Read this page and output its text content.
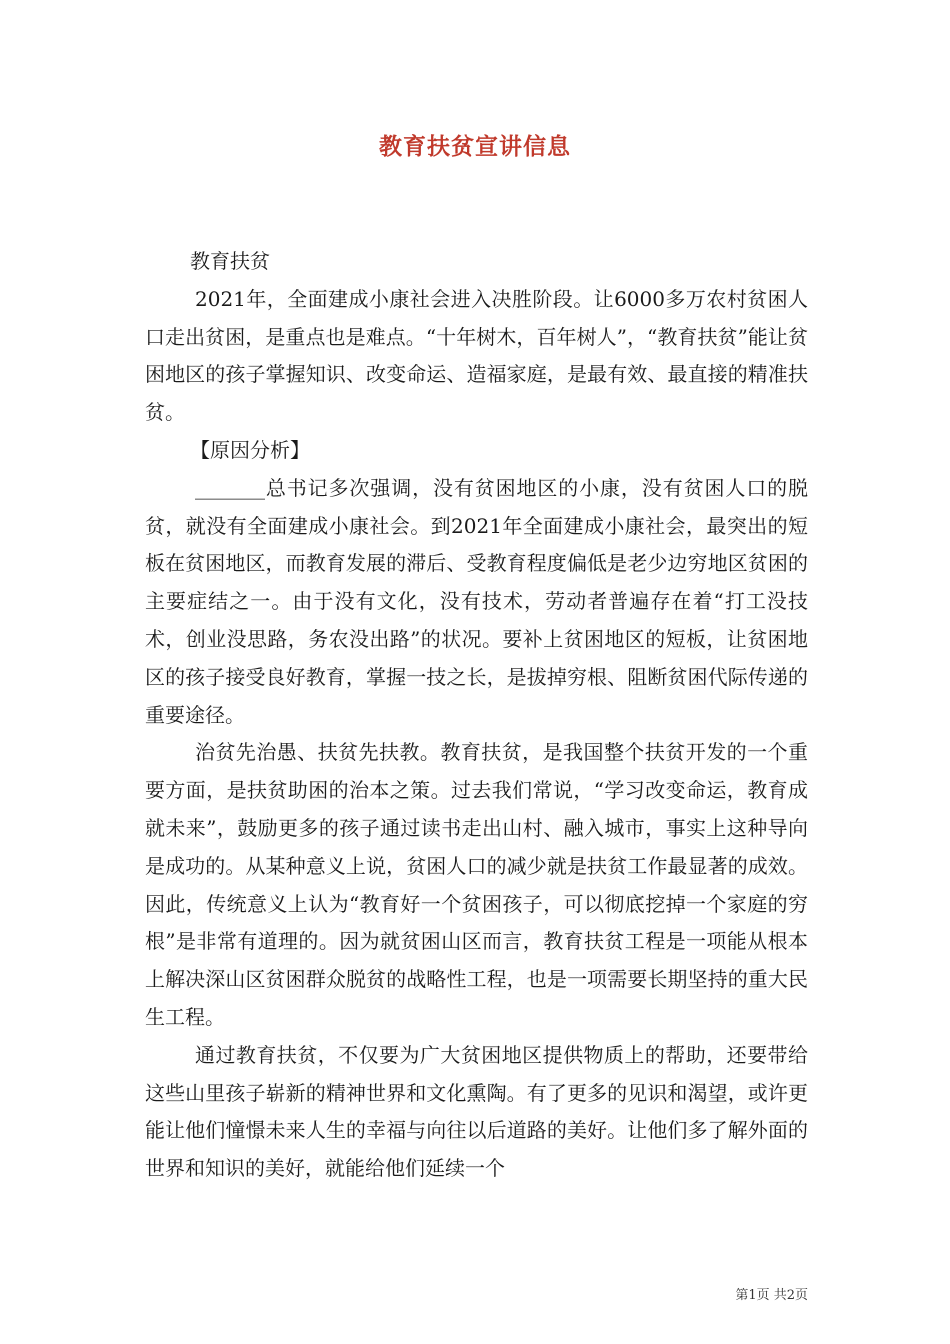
教育扶贫宣讲信息

教育扶贫

2021年，全面建成小康社会进入决胜阶段。让6000多万农村贫困人口走出贫困，是重点也是难点。“十年树木，百年树人”，“教育扶贫”能让贫困地区的孩子掌握知识、改变命运、造福家庭，是最有效、最直接的精准扶贫。

【原因分析】

_______总书记多次强调，没有贫困地区的小康，没有贫困人口的脱贫，就没有全面建成小康社会。到2021年全面建成小康社会，最突出的短板在贫困地区，而教育发展的滞后、受教育程度偏低是老少边穷地区贫困的主要症结之一。由于没有文化，没有技术，劳动者普遍存在着“打工没技术，创业没思路，务农没出路”的状况。要补上贫困地区的短板，让贫困地区的孩子接受良好教育，掌握一技之长，是拔掉穷根、阻断贫困代际传递的重要途径。

治贫先治愚、扶贫先扶教。教育扶贫，是我国整个扶贫开发的一个重要方面，是扶贫助困的治本之策。过去我们常说，“学习改变命运，教育成就未来”，鼓励更多的孩子通过读书走出山村、融入城市，事实上这种导向是成功的。从某种意义上说，贫困人口的减少就是扶贫工作最显著的成效。因此，传统意义上认为“教育好一个贫困孩子，可以彻底挖掉一个家庭的穷根”是非常有道理的。因为就贫困山区而言，教育扶贫工程是一项能从根本上解决深山区贫困群众脱贫的战略性工程，也是一项需要长期坚持的重大民生工程。

通过教育扶贫，不仅要为广大贫困地区提供物质上的帮助，还要带给这些山里孩子崭新的精神世界和文化熏陶。有了更多的见识和渴望，或许更能让他们憧憬未来人生的幸福与向往以后道路的美好。让他们多了解外面的世界和知识的美好，就能给他们延续一个

第1页 共2页
